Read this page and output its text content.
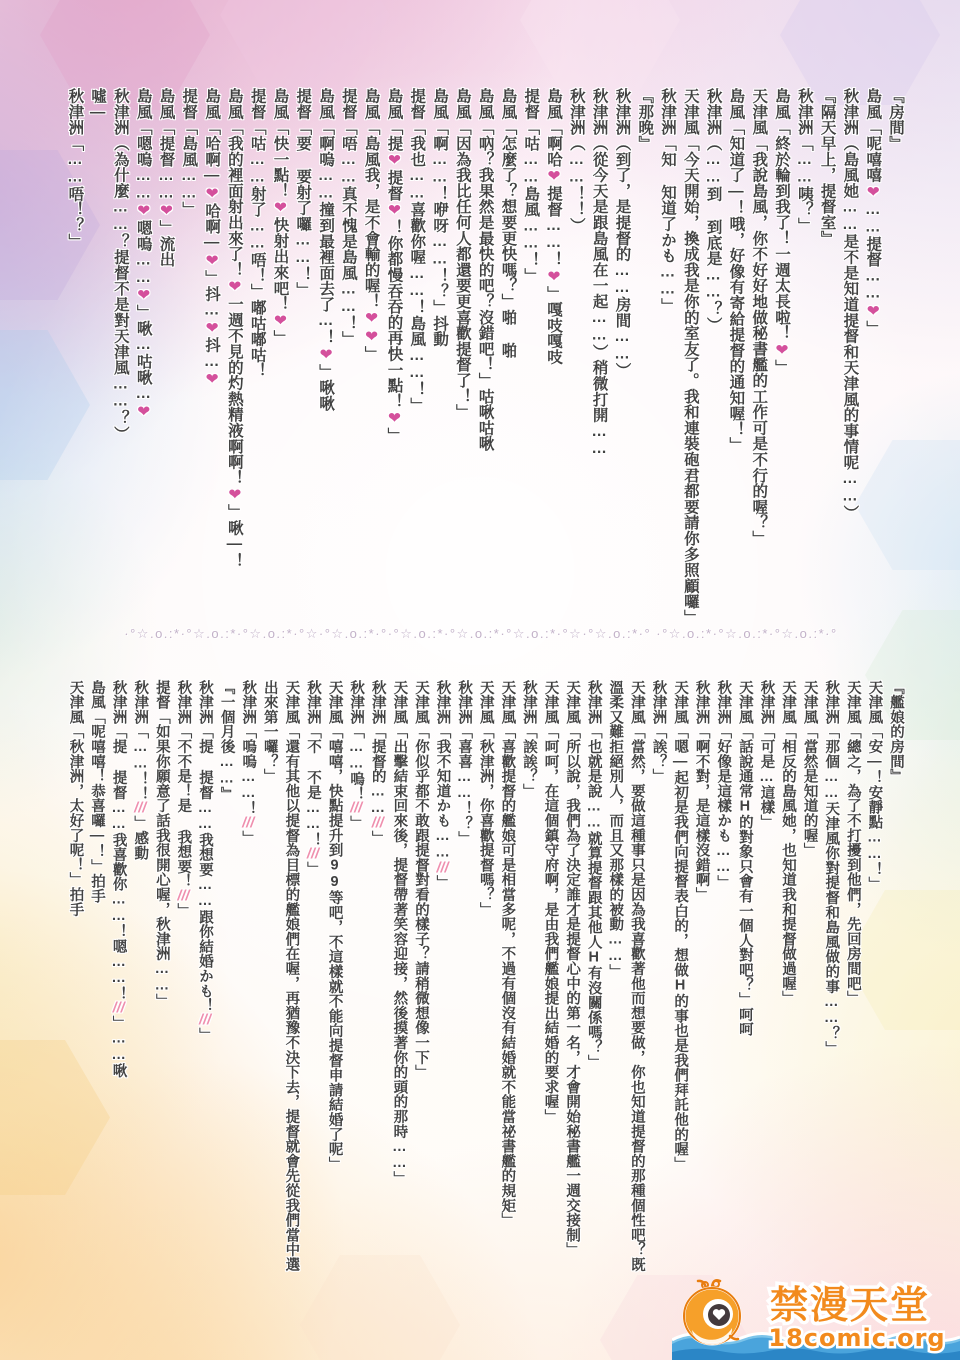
『房間』

島風「呢嘻嘻❤……提督……❤」

秋津洲（島風她……是不是知道提督和天津風的事情呢……）

『隔天早上，提督室』

秋津洲「……咦？」

島風「終於輪到我了！一週太長啦！❤」

天津風「我說島風，你不好好地做秘書艦的工作可是不行的喔？」

島風「知道了—！哦，好像有寄給提督的通知喔！」

秋津洲（……到 到底是……？）

天津風「今天開始，換成我是你的室友了。我和連裝砲君都要請你多照顧囉」

秋津洲「知 知道了かも……」

『那晚』

秋津洲（到了，是提督的……房間……）

秋津洲（從今天是跟島風在一起……）稍微打開……

秋津洲（……！！）

島風「啊哈❤提督……！❤」嘎吱嘎吱

提督「咕……島風……！」

島風「怎麼了？想要更快嗎？」啪 啪

島風「吶？我果然是最快的吧？沒錯吧！」咕啾咕啾

島風「因為我比任何人都還要更喜歡提督了！」

島風「啊……！咿呀……！？」抖動

提督「我也……喜歡你喔……！島風……！」

島風「提❤提督❤！你都慢吞吞的再快一點！❤」

島風「島風我，是不會輸的喔！❤❤」

提督「唔……真不愧是島風……！」

島風「啊嗚……撞到最裡面去了…！❤」啾啾

提督「要 要射了囉……！」

島風「快一點！❤快射出來吧！❤」

提督「咕……射了……唔！」嘟咕嘟咕！

島風「我的裡面射出來了！❤一週不見的灼熱精液啊啊！❤」啾—！

島風「哈啊—❤哈啊—❤」抖…❤抖…❤

提督「島風……」

島風「提督……❤」流出

島風「嗯嗚……❤嗯嗚……❤」啾…咕啾…❤

秋津洲（為什麼……？提督不是對天津風……？）

噓—

秋津洲「……唔！？」

·°☆.o.:*·°☆.o.:*·°☆.o.:*·°☆·°☆.o.:*·°·°☆.o.:*·°☆.o.:*·°☆.o.:*·°☆·°☆.o.:*·° ·°☆.o.:*·°☆.o.:*·°☆.o.:*·°

『艦娘的房間』

天津風「安—！安靜點……！」

天津風「總之，為了不打擾到他們，先回房間吧」

秋津洲「那個……天津風你對提督和島風做的事……？」

天津風「當然是知道的喔」

天津風「相反的島風她，也知道我和提督做過喔」

秋津洲「可是…這樣」

天津風「話說通常H的對象只會有一個人對吧？」呵呵

秋津洲「好像是這樣かも……」

秋津洲「啊不對，是這樣沒錯啊」

天津風「嗯—起初是我們向提督表白的，想做H的事也是我們拜託他的喔」

秋津洲「誒？」

天津風「當然，要做這種事只是因為我喜歡著他而想要做，你也知道提督的那種個性吧？既溫柔又難拒絕別人，而且又那樣的被動……」

秋津洲「也就是說……就算提督跟其他人H有沒關係嗎？」

天津風「所以說，我們為了決定誰才是提督心中的第一名，才會開始秘書艦一週交接制」

天津風「呵呵，在這個鎮守府啊，是由我們艦娘提出結婚的要求喔」

秋津洲「誒誒？」

天津風「喜歡提督的艦娘可是相當多呢，不過有個沒有結婚就不能當祕書艦的規矩」

天津風「秋津洲，你喜歡提督嗎？」

秋津洲「喜喜……！？」

秋津洲「我不知道かも……///」

天津風「你似乎都不敢跟提督對看的樣子？請稍微想像一下」

天津風「出擊結束回來後，提督帶著笑容迎接，然後摸著你的頭的那時……」

秋津洲「提督的……///」

秋津洲「……嗚！///」

天津風「嘻嘻，快點提升到99等吧，不這樣就不能向提督申請結婚了呢」

秋津洲「不 不是……！///」

天津風「還有其他以提督為目標的艦娘們在喔，再猶豫不決下去，提督就會先從我們當中選出來第一囉？」

秋津洲「嗚嗚……！///」

『一個月後……』

秋津洲「提 提督……我想要……跟你結婚かも！///」

秋津洲「不不是！是 我想要！///」

提督「如果你願意了話我很開心喔，秋津洲……」

秋津洲「……！！///」感動

秋津洲「提 提督……我喜歡你……！嗯……！///」……啾

島風「呢嘻嘻！恭喜囉—！」拍手

天津風「秋津洲，太好了呢！」拍手

禁漫天堂
18comic.org
